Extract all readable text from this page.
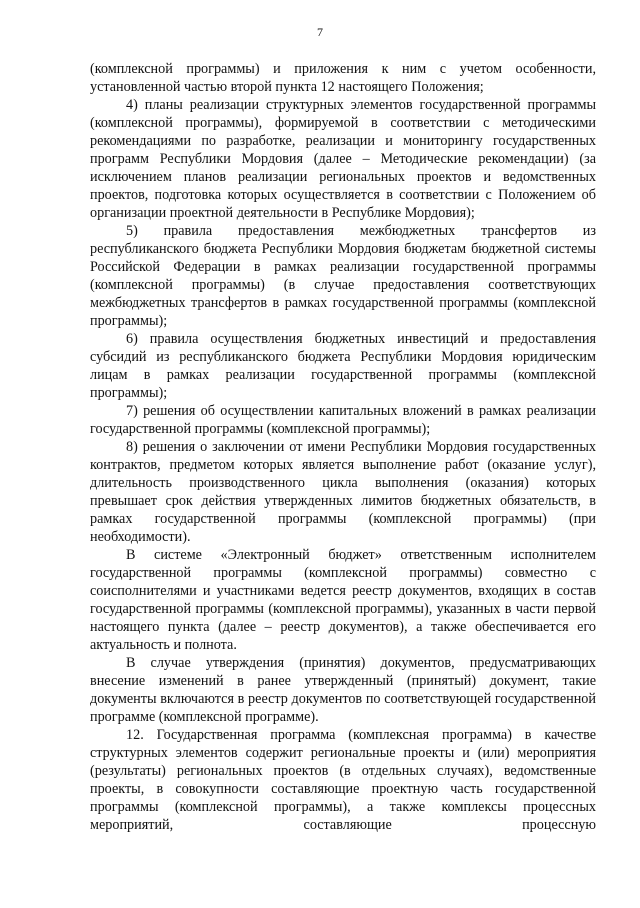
7

(комплексной программы) и приложения к ним с учетом особенности, установленной частью второй пункта 12 настоящего Положения;

4) планы реализации структурных элементов государственной программы (комплексной программы), формируемой в соответствии с методическими рекомендациями по разработке, реализации и мониторингу государственных программ Республики Мордовия (далее – Методические рекомендации) (за исключением планов реализации региональных проектов и ведомственных проектов, подготовка которых осуществляется в соответствии с Положением об организации проектной деятельности в Республике Мордовия);

5) правила предоставления межбюджетных трансфертов из республиканского бюджета Республики Мордовия бюджетам бюджетной системы Российской Федерации в рамках реализации государственной программы (комплексной программы) (в случае предоставления соответствующих межбюджетных трансфертов в рамках государственной программы (комплексной программы);

6) правила осуществления бюджетных инвестиций и предоставления субсидий из республиканского бюджета Республики Мордовия юридическим лицам в рамках реализации государственной программы (комплексной программы);

7) решения об осуществлении капитальных вложений в рамках реализации государственной программы (комплексной программы);

8) решения о заключении от имени Республики Мордовия государственных контрактов, предметом которых является выполнение работ (оказание услуг), длительность производственного цикла выполнения (оказания) которых превышает срок действия утвержденных лимитов бюджетных обязательств, в рамках государственной программы (комплексной программы) (при необходимости).

В системе «Электронный бюджет» ответственным исполнителем государственной программы (комплексной программы) совместно с соисполнителями и участниками ведется реестр документов, входящих в состав государственной программы (комплексной программы), указанных в части первой настоящего пункта (далее – реестр документов), а также обеспечивается его актуальность и полнота.

В случае утверждения (принятия) документов, предусматривающих внесение изменений в ранее утвержденный (принятый) документ, такие документы включаются в реестр документов по соответствующей государственной программе (комплексной программе).

12. Государственная программа (комплексная программа) в качестве структурных элементов содержит региональные проекты и (или) мероприятия (результаты) региональных проектов (в отдельных случаях), ведомственные проекты, в совокупности составляющие проектную часть государственной программы (комплексной программы), а также комплексы процессных мероприятий, составляющие процессную
